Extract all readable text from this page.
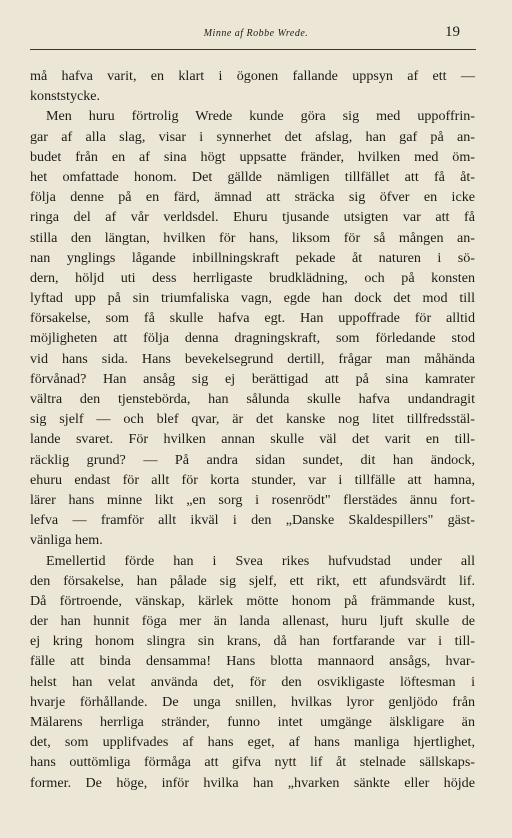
Minne af Robbe Wrede.	19
må hafva varit, en klart i ögonen fallande uppsyn af ett —
konststycke.
Men huru förtrolig Wrede kunde göra sig med uppoffrin-
gar af alla slag, visar i synnerhet det afslag, han gaf på an-
budet från en af sina högt uppsatte fränder, hvilken med öm-
het omfattade honom. Det gällde nämligen tillfället att få åt-
följa denne på en färd, ämnad att sträcka sig öfver en icke
ringa del af vår verldsdel. Ehuru tjusande utsigten var att få
stilla den längtan, hvilken för hans, liksom för så mången an-
nan ynglings lågande inbillningskraft pekade åt naturen i sö-
dern, höljd uti dess herrligaste brudklädning, och på konsten
lyftad upp på sin triumfaliska vagn, egde han dock det mod till
försakelse, som få skulle hafva egt. Han uppoffrade för alltid
möjligheten att följa denna dragningskraft, som förledande stod
vid hans sida. Hans bevekelsegrund dertill, frågar man måhända
förvånad? Han ansåg sig ej berättigad att på sina kamrater
vältra den tjenstebörda, han sålunda skulle hafva undandragit
sig sjelf — och blef qvar, är det kanske nog litet tillfredsstäl-
lande svaret. För hvilken annan skulle väl det varit en till-
räcklig grund? — På andra sidan sundet, dit han ändock,
ehuru endast för allt för korta stunder, var i tillfälle att hamna,
lärer hans minne likt „en sorg i rosenrödt" flerstädes ännu fort-
lefva — framför allt ikväl i den „Danske Skaldespillers" gäst-
vänliga hem.
Emellertid förde han i Svea rikes hufvudstad under all
den försakelse, han pålade sig sjelf, ett rikt, ett afundsvärdt lif.
Då förtroende, vänskap, kärlek mötte honom på främmande kust,
der han hunnit föga mer än landa allenast, huru ljuft skulle de
ej kring honom slingra sin krans, då han fortfarande var i till-
fälle att binda densamma! Hans blotta mannaord ansågs, hvar-
helst han velat använda det, för den osvikligaste löftesman i
hvarje förhållande. De unga snillen, hvilkas lyror genljödo från
Mälarens herrliga stränder, funno intet umgänge älskligare än
det, som upplifvades af hans eget, af hans manliga hjertlighet,
hans outtömliga förmåga att gifva nytt lif åt stelnade sällskaps-
former. De höge, inför hvilka han „hvarken sänkte eller höjde
